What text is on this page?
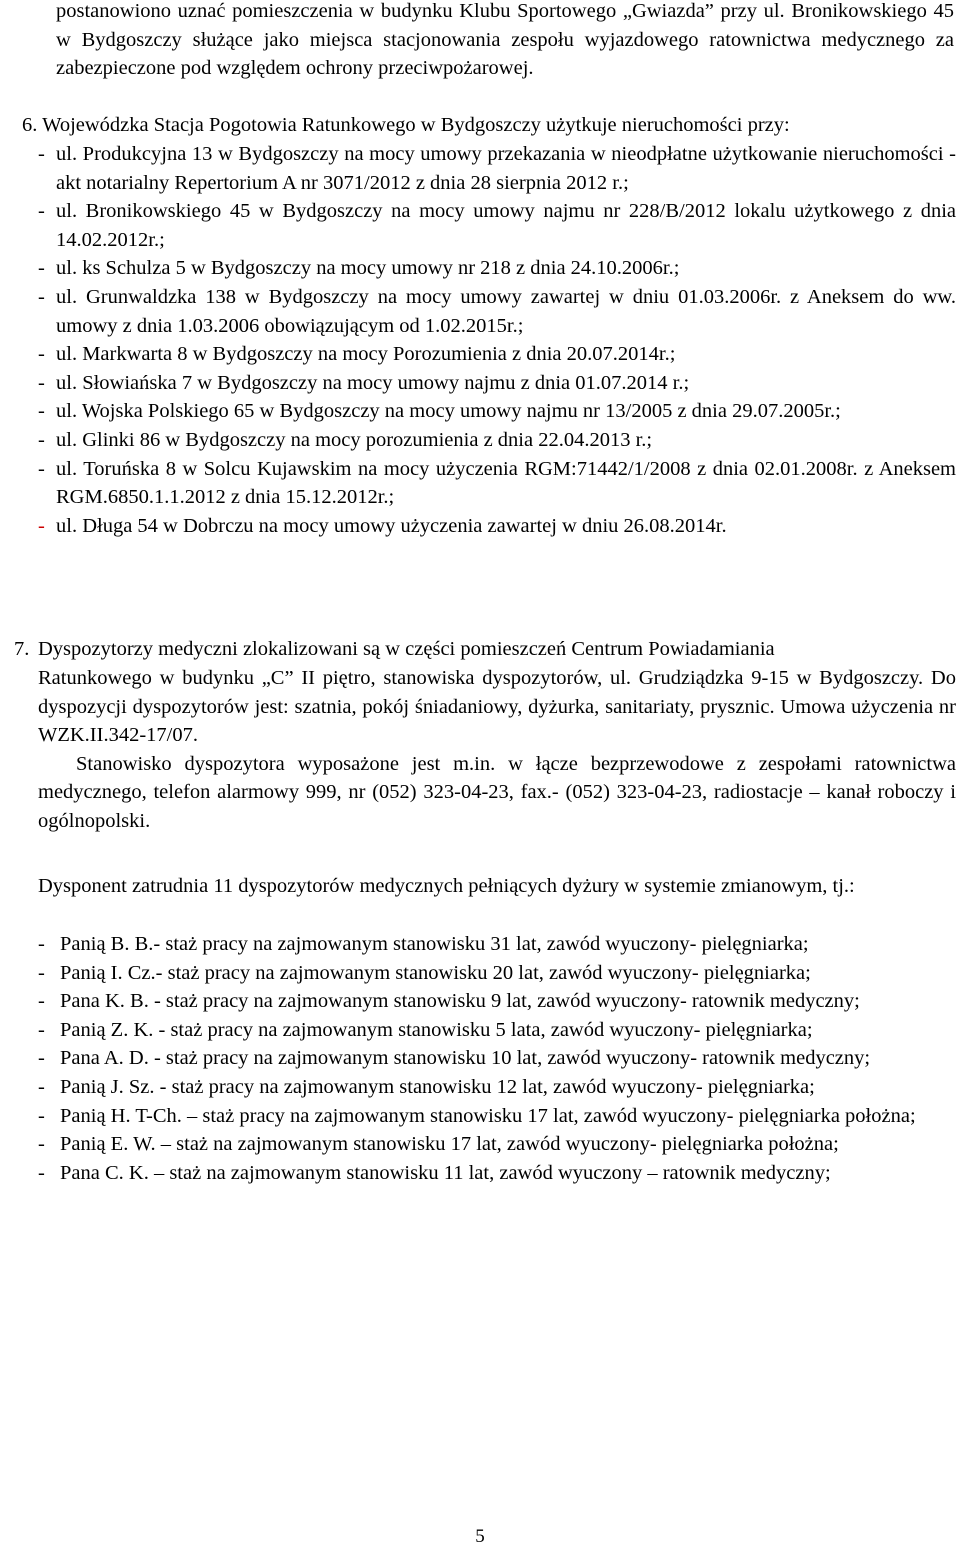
postanowiono uznać pomieszczenia w budynku Klubu Sportowego „Gwiazda” przy ul. Bronikowskiego 45 w Bydgoszczy służące jako miejsca stacjonowania zespołu wyjazdowego ratownictwa medycznego za zabezpieczone pod względem ochrony przeciwpożarowej.

6. Wojewódzka Stacja Pogotowia Ratunkowego w Bydgoszczy użytkuje nieruchomości przy:

- ul. Produkcyjna 13 w Bydgoszczy na mocy umowy przekazania w nieodpłatne użytkowanie nieruchomości - akt notarialny Repertorium A nr 3071/2012 z dnia 28 sierpnia 2012 r.;
- ul. Bronikowskiego 45 w Bydgoszczy na mocy umowy najmu nr 228/B/2012 lokalu użytkowego z dnia 14.02.2012r.;
- ul. ks Schulza 5 w Bydgoszczy na mocy umowy nr 218 z dnia 24.10.2006r.;
- ul. Grunwaldzka 138 w Bydgoszczy na mocy umowy zawartej w dniu 01.03.2006r. z Aneksem do ww. umowy z dnia 1.03.2006 obowiązującym od 1.02.2015r.;
- ul. Markwarta 8 w Bydgoszczy na mocy Porozumienia z dnia 20.07.2014r.;
- ul. Słowiańska 7 w Bydgoszczy na mocy umowy najmu z dnia 01.07.2014 r.;
- ul. Wojska Polskiego 65 w Bydgoszczy na mocy umowy najmu nr 13/2005 z dnia 29.07.2005r.;
- ul. Glinki 86 w Bydgoszczy na mocy porozumienia z dnia 22.04.2013 r.;
- ul. Toruńska 8 w Solcu Kujawskim na mocy użyczenia RGM:71442/1/2008 z dnia 02.01.2008r. z Aneksem RGM.6850.1.1.2012 z dnia 15.12.2012r.;
- ul. Długa 54 w Dobrczu na mocy umowy użyczenia zawartej w dniu 26.08.2014r.

7. Dyspozytorzy medyczni zlokalizowani są w części pomieszczeń Centrum Powiadamiania

Ratunkowego w budynku „C” II piętro, stanowiska dyspozytorów, ul. Grudziądzka 9-15 w Bydgoszczy. Do dyspozycji dyspozytorów jest: szatnia, pokój śniadaniowy, dyżurka, sanitariaty, prysznic. Umowa użyczenia nr WZK.II.342-17/07.

Stanowisko dyspozytora wyposażone jest m.in. w łącze bezprzewodowe z zespołami ratownictwa medycznego, telefon alarmowy 999, nr (052) 323-04-23, fax.- (052) 323-04-23, radiostacje – kanał roboczy i ogólnopolski.

Dysponent zatrudnia 11 dyspozytorów medycznych pełniących dyżury w systemie zmianowym, tj.:

- Panią B. B.- staż pracy na zajmowanym stanowisku 31 lat, zawód wyuczony- pielęgniarka;
- Panią I. Cz.- staż pracy na zajmowanym stanowisku 20 lat, zawód wyuczony- pielęgniarka;
- Pana K. B. - staż pracy na zajmowanym stanowisku 9 lat, zawód wyuczony- ratownik medyczny;
- Panią Z. K. - staż pracy na zajmowanym stanowisku 5 lata, zawód wyuczony- pielęgniarka;
- Pana A. D. - staż pracy na zajmowanym stanowisku 10 lat, zawód wyuczony- ratownik medyczny;
- Panią J. Sz. - staż pracy na zajmowanym stanowisku 12 lat, zawód wyuczony- pielęgniarka;
- Panią H. T-Ch. – staż pracy na zajmowanym stanowisku 17 lat, zawód wyuczony- pielęgniarka położna;
- Panią E. W. – staż na zajmowanym stanowisku 17 lat, zawód wyuczony- pielęgniarka położna;
- Pana C. K. – staż na zajmowanym stanowisku 11 lat, zawód wyuczony – ratownik medyczny;
5
